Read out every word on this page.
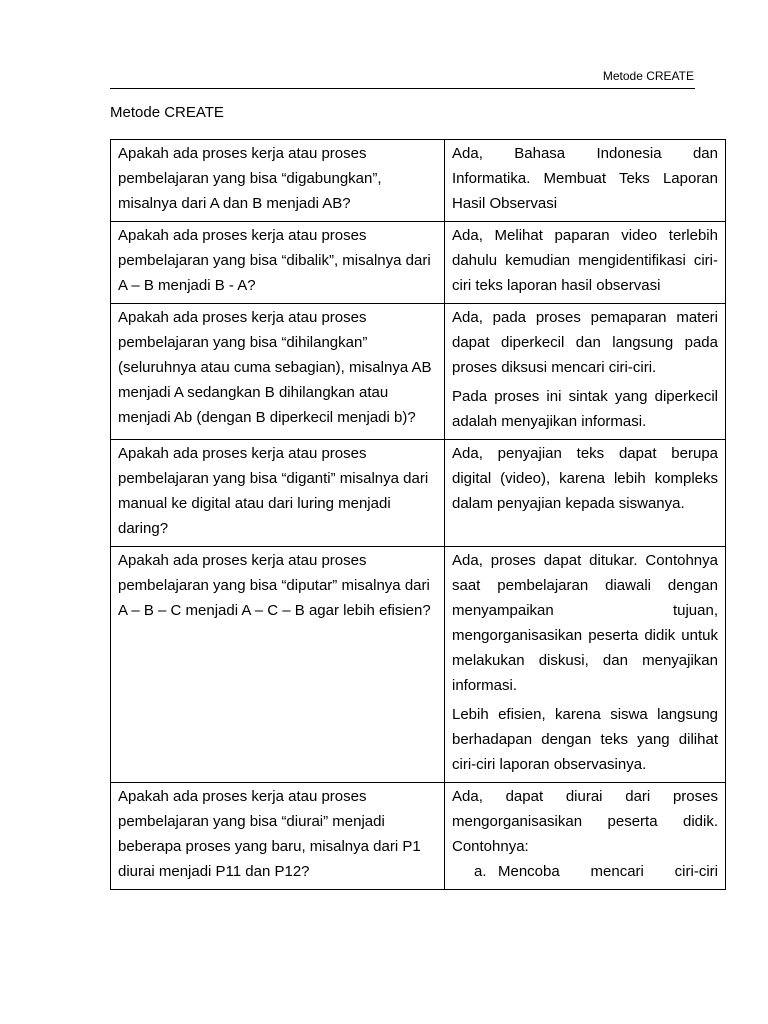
Metode CREATE
Metode CREATE
Apakah ada proses kerja atau proses pembelajaran yang bisa “digabungkan”, misalnya dari A dan B menjadi AB?	Ada, Bahasa Indonesia dan Informatika. Membuat Teks Laporan Hasil Observasi

Apakah ada proses kerja atau proses pembelajaran yang bisa “dibalik”, misalnya dari A – B menjadi B - A?	Ada, Melihat paparan video terlebih dahulu kemudian mengidentifikasi ciri-ciri teks laporan hasil observasi

Apakah ada proses kerja atau proses pembelajaran yang bisa “dihilangkan” (seluruhnya atau cuma sebagian), misalnya AB menjadi A sedangkan B dihilangkan atau menjadi Ab (dengan B diperkecil menjadi b)?	Ada, pada proses pemaparan materi dapat diperkecil dan langsung pada proses diksusi mencari ciri-ciri.

Pada proses ini sintak yang diperkecil adalah menyajikan informasi.

Apakah ada proses kerja atau proses pembelajaran yang bisa “diganti” misalnya dari manual ke digital atau dari luring menjadi daring?	Ada, penyajian teks dapat berupa digital (video), karena lebih kompleks dalam penyajian kepada siswanya.

Apakah ada proses kerja atau proses pembelajaran yang bisa “diputar” misalnya dari A – B – C menjadi A – C – B agar lebih efisien?	Ada, proses dapat ditukar. Contohnya saat pembelajaran diawali dengan menyampaikan tujuan, mengorganisasikan peserta didik untuk melakukan diskusi, dan menyajikan informasi.

Lebih efisien, karena siswa langsung berhadapan dengan teks yang dilihat ciri-ciri laporan observasinya.

Apakah ada proses kerja atau proses pembelajaran yang bisa “diurai” menjadi beberapa proses yang baru, misalnya dari P1 diurai menjadi P11 dan P12?	Ada, dapat diurai dari proses mengorganisasikan peserta didik. Contohnya:

a. Mencoba mencari ciri-ciri
